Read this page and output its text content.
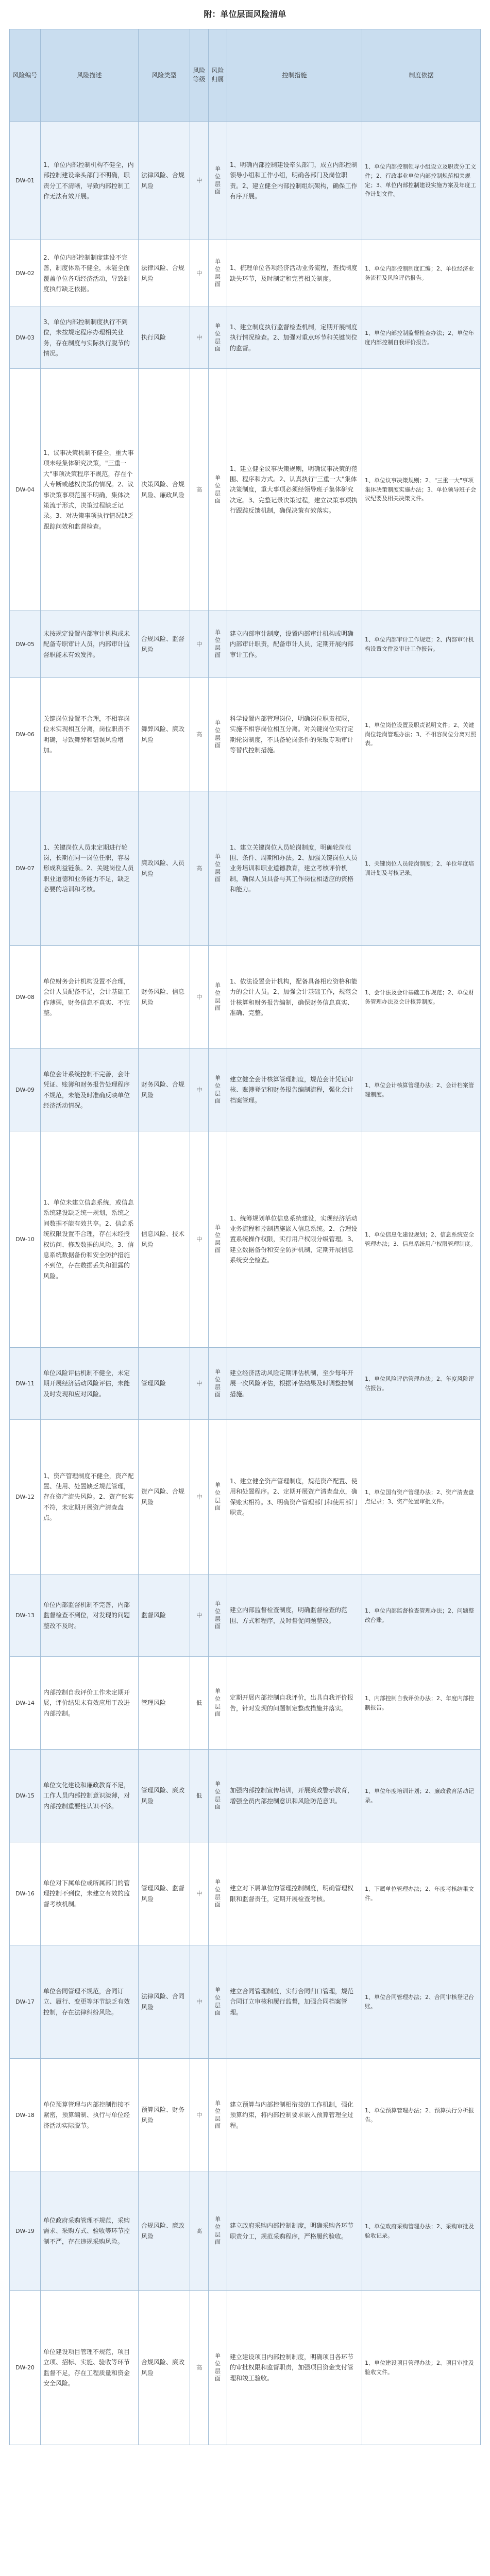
附：单位层面风险清单
风险编号	风险描述	风险类型	风险等级	风险归属	控制措施	制度依据
DW-01	1、单位内部控制机构不健全，内部控制建设牵头部门不明确，职责分工不清晰，导致内部控制工作无法有效开展。	法律风险、合规风险	中	单位层面	1、明确内部控制建设牵头部门，成立内部控制领导小组和工作小组，明确各部门及岗位职责。2、建立健全内部控制组织架构，确保工作有序开展。	1、单位内部控制领导小组设立及职责分工文件；2、行政事业单位内部控制规范相关规定；3、单位内部控制建设实施方案及年度工作计划文件。
DW-02	2、单位内部控制制度建设不完善，制度体系不健全，未能全面覆盖单位各项经济活动，导致制度执行缺乏依据。	法律风险、合规风险	中	单位层面	1、梳理单位各项经济活动业务流程，查找制度缺失环节，及时制定和完善相关制度。	1、单位内部控制制度汇编；2、单位经济业务流程及风险评估报告。
DW-03	3、单位内部控制制度执行不到位，未按规定程序办理相关业务，存在制度与实际执行脱节的情况。	执行风险	中	单位层面	1、建立制度执行监督检查机制，定期开展制度执行情况检查。2、加强对重点环节和关键岗位的监督。	1、单位内部控制监督检查办法；2、单位年度内部控制自我评价报告。
DW-04	1、议事决策机制不健全，重大事项未经集体研究决策，"三重一大"事项决策程序不规范，存在个人专断或越权决策的情况。2、议事决策事项范围不明确，集体决策流于形式，决策过程缺乏记录。3、对决策事项执行情况缺乏跟踪问效和监督检查。	决策风险、合规风险、廉政风险	高	单位层面	1、建立健全议事决策规则，明确议事决策的范围、程序和方式。2、认真执行"三重一大"集体决策制度，重大事项必须经领导班子集体研究决定。3、完整记录决策过程，建立决策事项执行跟踪反馈机制，确保决策有效落实。	1、单位议事决策规则；2、"三重一大"事项集体决策制度实施办法；3、单位领导班子会议纪要及相关决策文件。
DW-05	未按规定设置内部审计机构或未配备专职审计人员，内部审计监督职能未有效发挥。	合规风险、监督风险	中	单位层面	建立内部审计制度，设置内部审计机构或明确内部审计职责，配备审计人员，定期开展内部审计工作。	1、单位内部审计工作规定；2、内部审计机构设置文件及审计工作报告。
DW-06	关键岗位设置不合理，不相容岗位未实现相互分离，岗位职责不明确，导致舞弊和错误风险增加。	舞弊风险、廉政风险	高	单位层面	科学设置内部管理岗位，明确岗位职责权限，实施不相容岗位相互分离。对关键岗位实行定期轮岗制度，不具备轮岗条件的采取专项审计等替代控制措施。	1、单位岗位设置及职责说明文件；2、关键岗位轮岗管理办法；3、不相容岗位分离对照表。
DW-07	1、关键岗位人员未定期进行轮岗，长期在同一岗位任职，容易形成利益链条。2、关键岗位人员职业道德和业务能力不足，缺乏必要的培训和考核。	廉政风险、人员风险	高	单位层面	1、建立关键岗位人员轮岗制度，明确轮岗范围、条件、周期和办法。2、加强关键岗位人员业务培训和职业道德教育，建立考核评价机制，确保人员具备与其工作岗位相适应的资格和能力。	1、关键岗位人员轮岗制度；2、单位年度培训计划及考核记录。
DW-08	单位财务会计机构设置不合理，会计人员配备不足，会计基础工作薄弱，财务信息不真实、不完整。	财务风险、信息风险	中	单位层面	1、依法设置会计机构，配备具备相应资格和能力的会计人员。2、加强会计基础工作，规范会计核算和财务报告编制，确保财务信息真实、准确、完整。	1、会计法及会计基础工作规范；2、单位财务管理办法及会计核算制度。
DW-09	单位会计系统控制不完善，会计凭证、账簿和财务报告处理程序不规范，未能及时准确反映单位经济活动情况。	财务风险、合规风险	中	单位层面	建立健全会计核算管理制度，规范会计凭证审核、账簿登记和财务报告编制流程，强化会计档案管理。	1、单位会计核算管理办法；2、会计档案管理制度。
DW-10	1、单位未建立信息系统，或信息系统建设缺乏统一规划，系统之间数据不能有效共享。2、信息系统权限设置不合理，存在未经授权访问、修改数据的风险。3、信息系统数据备份和安全防护措施不到位，存在数据丢失和泄露的风险。	信息风险、技术风险	中	单位层面	1、统筹规划单位信息系统建设，实现经济活动业务流程和控制措施嵌入信息系统。2、合理设置系统操作权限，实行用户权限分级管理。3、建立数据备份和安全防护机制，定期开展信息系统安全检查。	1、单位信息化建设规划；2、信息系统安全管理办法；3、信息系统用户权限管理制度。
DW-11	单位风险评估机制不健全，未定期开展经济活动风险评估，未能及时发现和应对风险。	管理风险	中	单位层面	建立经济活动风险定期评估机制，至少每年开展一次风险评估，根据评估结果及时调整控制措施。	1、单位风险评估管理办法；2、年度风险评估报告。
DW-12	1、资产管理制度不健全，资产配置、使用、处置缺乏规范管理，存在资产流失风险。2、资产账实不符，未定期开展资产清查盘点。	资产风险、合规风险	中	单位层面	1、建立健全资产管理制度，规范资产配置、使用和处置程序。2、定期开展资产清查盘点，确保账实相符。3、明确资产管理部门和使用部门职责。	1、单位国有资产管理办法；2、资产清查盘点记录；3、资产处置审批文件。
DW-13	单位内部监督机制不完善，内部监督检查不到位，对发现的问题整改不及时。	监督风险	中	单位层面	建立内部监督检查制度，明确监督检查的范围、方式和程序，及时督促问题整改。	1、单位内部监督检查管理办法；2、问题整改台账。
DW-14	内部控制自我评价工作未定期开展，评价结果未有效应用于改进内部控制。	管理风险	低	单位层面	定期开展内部控制自我评价，出具自我评价报告，针对发现的问题制定整改措施并落实。	1、内部控制自我评价办法；2、年度内部控制报告。
DW-15	单位文化建设和廉政教育不足，工作人员内部控制意识淡薄，对内部控制重要性认识不够。	管理风险、廉政风险	低	单位层面	加强内部控制宣传培训，开展廉政警示教育，增强全员内部控制意识和风险防范意识。	1、单位年度培训计划；2、廉政教育活动记录。
DW-16	单位对下属单位或所属部门的管理控制不到位，未建立有效的监督考核机制。	管理风险、监督风险	中	单位层面	建立对下属单位的管理控制制度，明确管理权限和监督责任，定期开展检查考核。	1、下属单位管理办法；2、年度考核结果文件。
DW-17	单位合同管理不规范，合同订立、履行、变更等环节缺乏有效控制，存在法律纠纷风险。	法律风险、合同风险	中	单位层面	建立合同管理制度，实行合同归口管理，规范合同订立审核和履行监督，加强合同档案管理。	1、单位合同管理办法；2、合同审核登记台账。
DW-18	单位预算管理与内部控制衔接不紧密，预算编制、执行与单位经济活动实际脱节。	预算风险、财务风险	中	单位层面	建立预算与内部控制相衔接的工作机制，强化预算约束，将内部控制要求嵌入预算管理全过程。	1、单位预算管理办法；2、预算执行分析报告。
DW-19	单位政府采购管理不规范，采购需求、采购方式、验收等环节控制不严，存在违规采购风险。	合规风险、廉政风险	高	单位层面	建立政府采购内部控制制度，明确采购各环节职责分工，规范采购程序，严格履约验收。	1、单位政府采购管理办法；2、采购审批及验收记录。
DW-20	单位建设项目管理不规范，项目立项、招标、实施、验收等环节监督不足，存在工程质量和资金安全风险。	合规风险、廉政风险	高	单位层面	建立建设项目内部控制制度，明确项目各环节的审批权限和监督职责，加强项目资金支付管理和竣工验收。	1、单位建设项目管理办法；2、项目审批及验收文件。
